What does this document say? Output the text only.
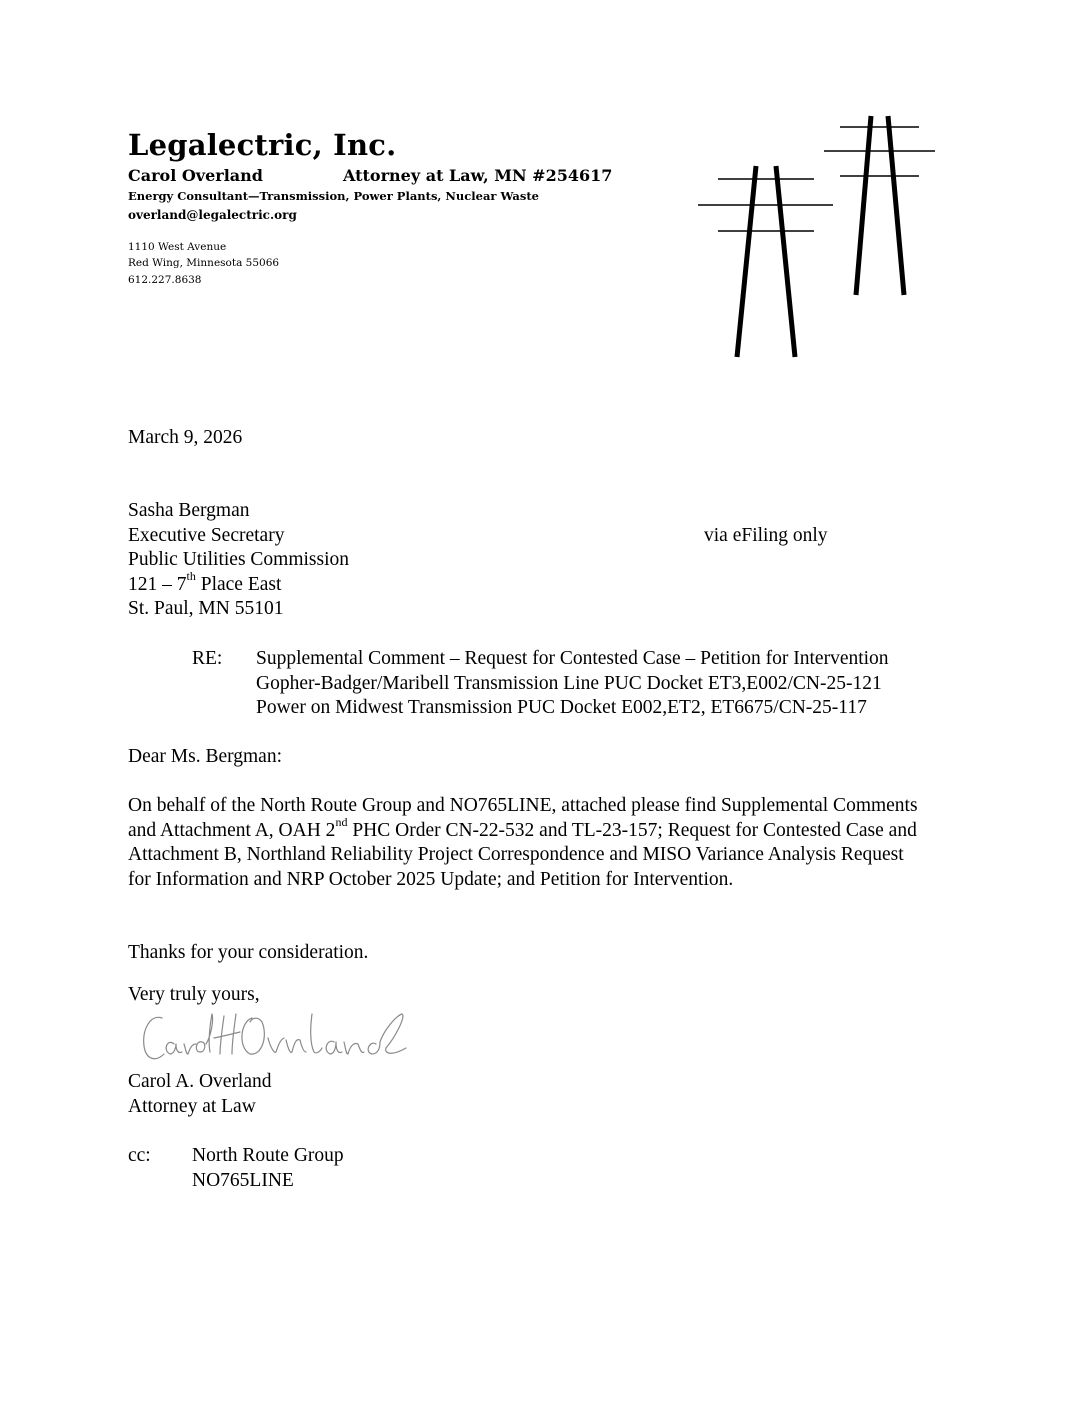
Legalectric, Inc.
Carol Overland	Attorney at Law, MN #254617
Energy Consultant—Transmission, Power Plants, Nuclear Waste
overland@legalectric.org
1110 West Avenue
Red Wing, Minnesota 55066
612.227.8638
March 9, 2026
Sasha Bergman
Executive Secretary
Public Utilities Commission
121 – 7th Place East
St. Paul, MN 55101
via eFiling only
RE: Supplemental Comment – Request for Contested Case – Petition for Intervention
Gopher-Badger/Maribell Transmission Line PUC Docket ET3,E002/CN-25-121
Power on Midwest Transmission PUC Docket E002,ET2, ET6675/CN-25-117
Dear Ms. Bergman:
On behalf of the North Route Group and NO765LINE, attached please find Supplemental Comments and Attachment A, OAH 2nd PHC Order CN-22-532 and TL-23-157; Request for Contested Case and Attachment B, Northland Reliability Project Correspondence and MISO Variance Analysis Request for Information and NRP October 2025 Update; and Petition for Intervention.
Thanks for your consideration.
Very truly yours,
Carol A. Overland
Attorney at Law
cc: North Route Group
NO765LINE
